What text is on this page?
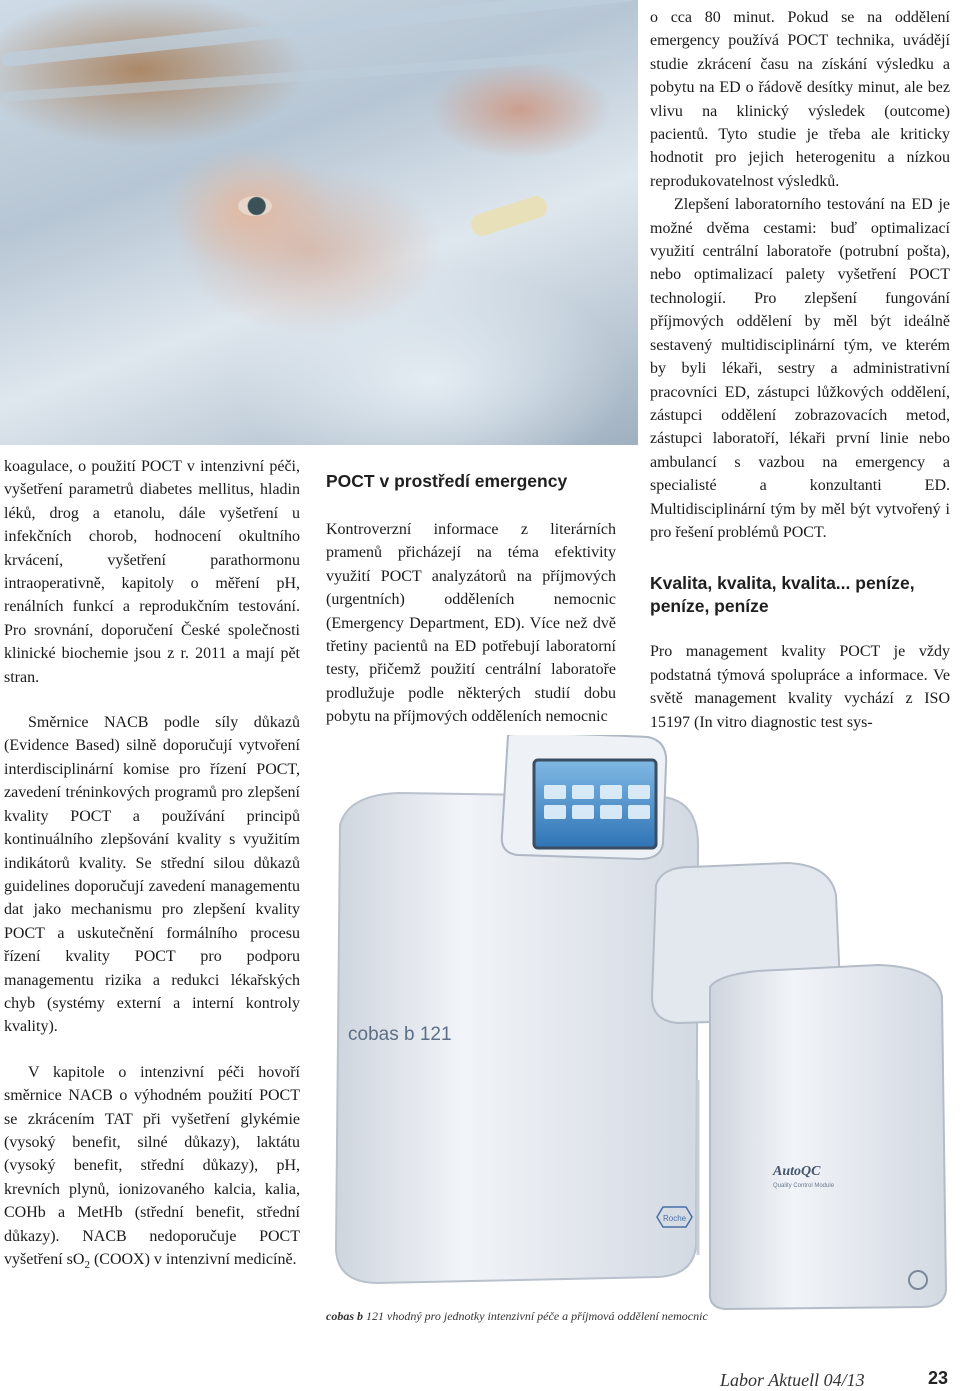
koagulace, o použití POCT v intenzivní péči, vyšetření parametrů diabetes mellitus, hladin léků, drog a etanolu, dále vyšetření u infekčních chorob, hodnocení okultního krvácení, vyšetření parathormonu intraoperativně, kapitoly o měření pH, renálních funkcí a reprodukčním testování. Pro srovnání, doporučení České společnosti klinické biochemie jsou z r. 2011 a mají pět stran.

Směrnice NACB podle síly důkazů (Evidence Based) silně doporučují vytvoření interdisciplinární komise pro řízení POCT, zavedení tréninkových programů pro zlepšení kvality POCT a používání principů kontinuálního zlepšování kvality s využitím indikátorů kvality. Se střední silou důkazů guidelines doporučují zavedení managementu dat jako mechanismu pro zlepšení kvality POCT a uskutečnění formálního procesu řízení kvality POCT pro podporu managementu rizika a redukci lékařských chyb (systémy externí a interní kontroly kvality).

V kapitole o intenzivní péči hovoří směrnice NACB o výhodném použití POCT se zkrácením TAT při vyšetření glykémie (vysoký benefit, silné důkazy), laktátu (vysoký benefit, střední důkazy), pH, krevních plynů, ionizovaného kalcia, kalia, COHb a MetHb (střední benefit, střední důkazy). NACB nedoporučuje POCT vyšetření $sO_2$ (COOX) v intenzivní medicíně.

POCT v prostředí emergency

Kontroverzní informace z literárních pramenů přicházejí na téma efektivity využití POCT analyzátorů na příjmových (urgentních) odděleních nemocnic (Emergency Department, ED). Více než dvě třetiny pacientů na ED potřebují laboratorní testy, přičemž použití centrální laboratoře prodlužuje podle některých studií dobu pobytu na příjmových odděleních nemocnic

o cca 80 minut. Pokud se na oddělení emergency používá POCT technika, uvádějí studie zkrácení času na získání výsledku a pobytu na ED o řádově desítky minut, ale bez vlivu na klinický výsledek (outcome) pacientů. Tyto studie je třeba ale kriticky hodnotit pro jejich heterogenitu a nízkou reprodukovatelnost výsledků.

Zlepšení laboratorního testování na ED je možné dvěma cestami: buď optimalizací využití centrální laboratoře (potrubní pošta), nebo optimalizací palety vyšetření POCT technologií. Pro zlepšení fungování příjmových oddělení by měl být ideálně sestavený multidisciplinární tým, ve kterém by byli lékaři, sestry a administrativní pracovníci ED, zástupci lůžkových oddělení, zástupci oddělení zobrazovacích metod, zástupci laboratoří, lékaři první linie nebo ambulancí s vazbou na emergency a specialisté a konzultanti ED. Multidisciplinární tým by měl být vytvořený i pro řešení problémů POCT.

Kvalita, kvalita, kvalita... peníze, peníze, peníze

Pro management kvality POCT je vždy podstatná týmová spolupráce a informace. Ve světě management kvality vychází z ISO 15197 (In vitro diagnostic test sys-

cobas b 121
AutoQC
Quality Control Module
Roche
cobas b 121 vhodný pro jednotky intenzivní péče a příjmová oddělení nemocnic
Labor Aktuell 04/13	23
